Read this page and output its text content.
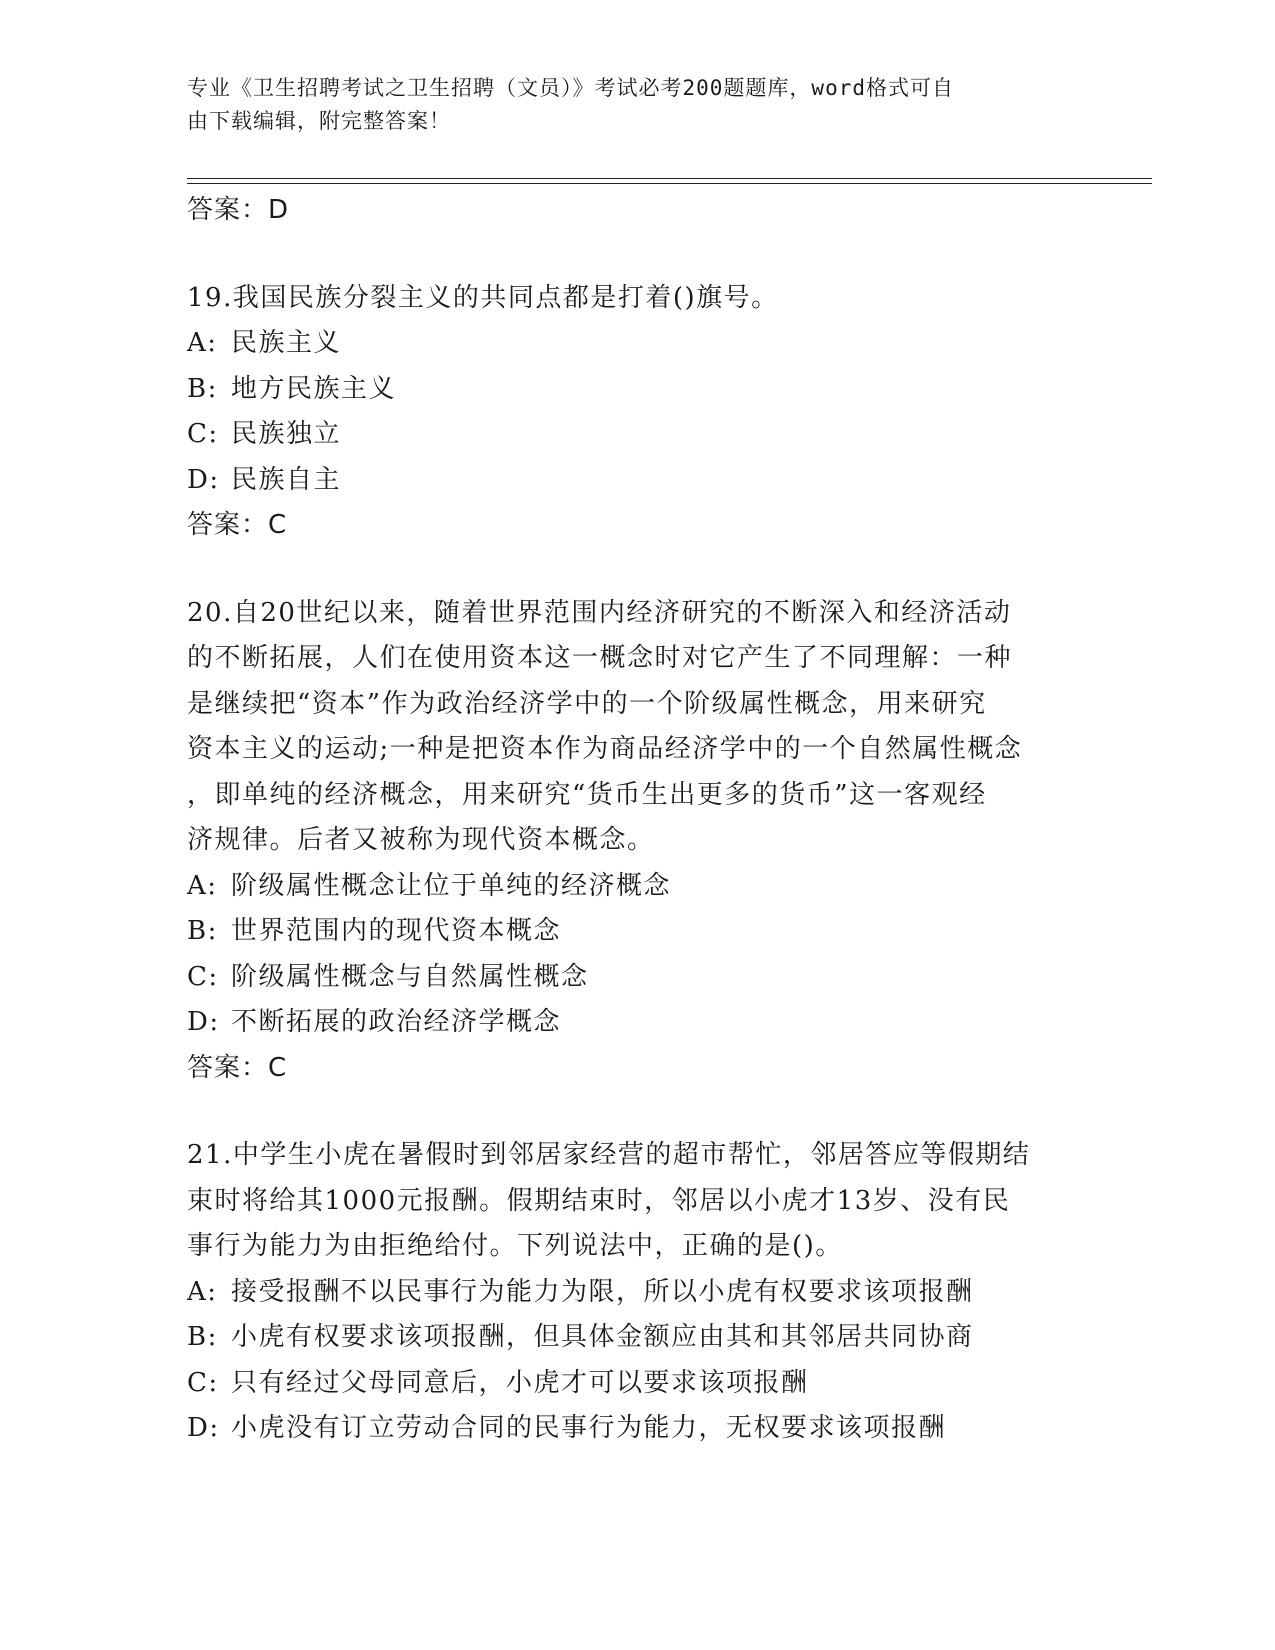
专业《卫生招聘考试之卫生招聘（文员）》考试必考200题题库，word格式可自
由下载编辑，附完整答案！
答案：D
19.我国民族分裂主义的共同点都是打着()旗号。
A: 民族主义
B: 地方民族主义
C: 民族独立
D: 民族自主
答案：C
20.自20世纪以来，随着世界范围内经济研究的不断深入和经济活动
的不断拓展，人们在使用资本这一概念时对它产生了不同理解：一种
是继续把“资本”作为政治经济学中的一个阶级属性概念，用来研究
资本主义的运动;一种是把资本作为商品经济学中的一个自然属性概念
，即单纯的经济概念，用来研究“货币生出更多的货币”这一客观经
济规律。后者又被称为现代资本概念。
A: 阶级属性概念让位于单纯的经济概念
B: 世界范围内的现代资本概念
C: 阶级属性概念与自然属性概念
D: 不断拓展的政治经济学概念
答案：C
21.中学生小虎在暑假时到邻居家经营的超市帮忙，邻居答应等假期结
束时将给其1000元报酬。假期结束时，邻居以小虎才13岁、没有民
事行为能力为由拒绝给付。下列说法中，正确的是()。
A: 接受报酬不以民事行为能力为限，所以小虎有权要求该项报酬
B: 小虎有权要求该项报酬，但具体金额应由其和其邻居共同协商
C: 只有经过父母同意后，小虎才可以要求该项报酬
D: 小虎没有订立劳动合同的民事行为能力，无权要求该项报酬
